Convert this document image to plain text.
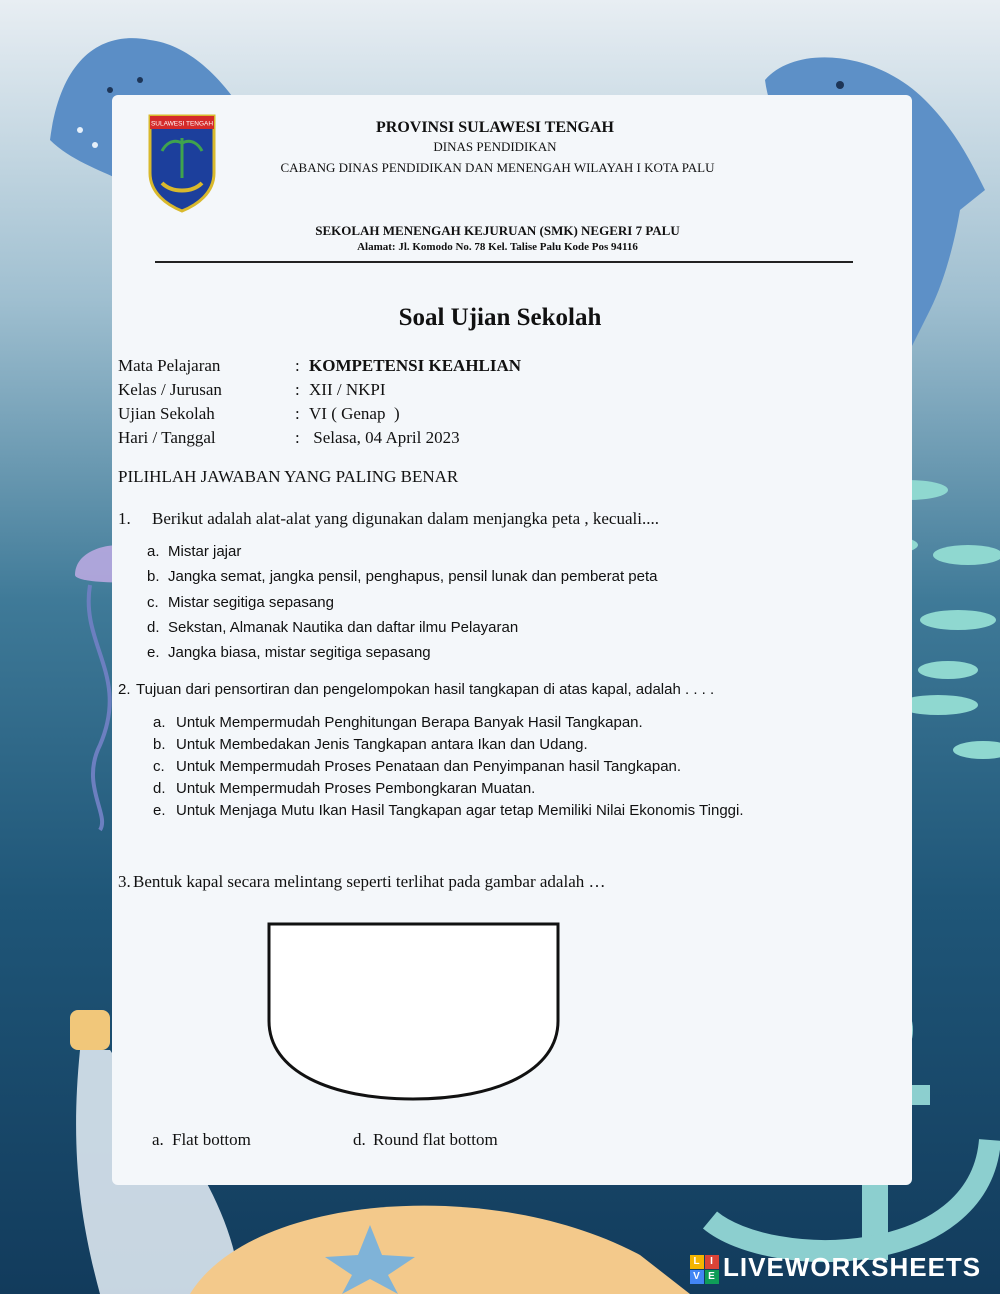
SULAWESI TENGAH	PROVINSI SULAWESI TENGAH
DINAS PENDIDIKAN
CABANG DINAS PENDIDIKAN DAN MENENGAH WILAYAH I KOTA PALU
SEKOLAH MENENGAH KEJURUAN (SMK) NEGERI 7 PALU
Alamat: Jl. Komodo No. 78 Kel. Talise Palu Kode Pos 94116
Soal Ujian Sekolah
Mata Pelajaran	: KOMPETENSI KEAHLIAN
Kelas / Jurusan	: XII / NKPI
Ujian Sekolah	: VI ( Genap  )
Hari / Tanggal	: Selasa, 04 April 2023
PILIHLAH JAWABAN YANG PALING BENAR
1. Berikut adalah alat-alat yang digunakan dalam menjangka peta , kecuali....
a. Mistar jajar
b. Jangka semat, jangka pensil, penghapus, pensil lunak dan pemberat peta
c. Mistar segitiga sepasang
d. Sekstan, Almanak Nautika dan daftar ilmu Pelayaran
e. Jangka biasa, mistar segitiga sepasang
2. Tujuan dari pensortiran dan pengelompokan hasil tangkapan di atas kapal, adalah . . . .
a. Untuk Mempermudah Penghitungan Berapa Banyak Hasil Tangkapan.
b. Untuk Membedakan Jenis Tangkapan antara Ikan dan Udang.
c. Untuk Mempermudah Proses Penataan dan Penyimpanan hasil Tangkapan.
d. Untuk Mempermudah Proses Pembongkaran Muatan.
e. Untuk Menjaga Mutu Ikan Hasil Tangkapan agar tetap Memiliki Nilai Ekonomis Tinggi.
3. Bentuk kapal secara melintang seperti terlihat pada gambar adalah …
a. Flat bottom	d. Round flat bottom
L I
V E LIVEWORKSHEETS
